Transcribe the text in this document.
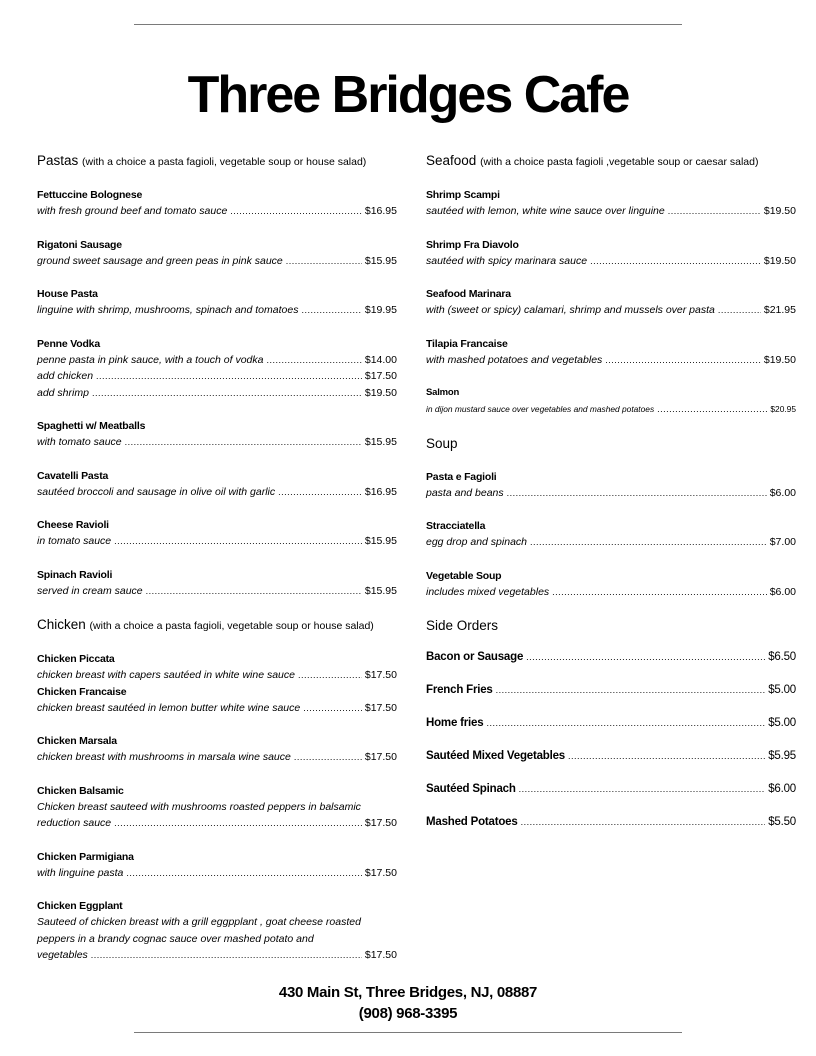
Three Bridges Cafe
Pastas (with a choice a pasta fagioli, vegetable soup or house salad)
Fettuccine Bolognese
with fresh ground beef and tomato sauce .....	$16.95
Rigatoni Sausage
ground sweet sausage and green peas in pink sauce .....	$15.95
House Pasta
linguine with shrimp, mushrooms, spinach and tomatoes .....	$19.95
Penne Vodka
penne pasta in pink sauce, with a touch of vodka .....	$14.00
add chicken .....	$17.50
add shrimp .....	$19.50
Spaghetti w/ Meatballs
with tomato sauce .....	$15.95
Cavatelli Pasta
sautéed broccoli and sausage in olive oil with garlic .....	$16.95
Cheese Ravioli
in tomato sauce .....	$15.95
Spinach Ravioli
served in cream sauce .....	$15.95
Chicken (with a choice a pasta fagioli, vegetable soup or house salad)
Chicken Piccata
chicken breast with capers sautéed in white wine sauce .....	$17.50
Chicken Francaise
chicken breast sautéed in lemon butter white wine sauce .....	$17.50
Chicken Marsala
chicken breast with mushrooms in marsala wine sauce .....	$17.50
Chicken Balsamic
Chicken breast sauteed with mushrooms roasted peppers in balsamic
reduction sauce .....	$17.50
Chicken Parmigiana
with linguine pasta .....	$17.50
Chicken Eggplant
Sauteed of chicken breast with a grill eggpplant , goat cheese roasted
peppers in a brandy cognac sauce over mashed potato and
vegetables .....	$17.50
Seafood (with a choice pasta fagioli ,vegetable soup or caesar salad)
Shrimp Scampi
sautéed with lemon, white wine sauce over linguine .....	$19.50
Shrimp Fra Diavolo
sautéed with spicy marinara sauce .....	$19.50
Seafood Marinara
with (sweet or spicy) calamari, shrimp and mussels over pasta .....	$21.95
Tilapia Francaise
with mashed potatoes and vegetables .....	$19.50
Salmon
in dijon mustard sauce over vegetables and mashed potatoes .....	$20.95
Soup
Pasta e Fagioli
pasta and beans .....	$6.00
Stracciatella
egg drop and spinach .....	$7.00
Vegetable Soup
includes mixed vegetables .....	$6.00
Side Orders
Bacon or Sausage .....	$6.50
French Fries .....	$5.00
Home fries .....	$5.00
Sautéed Mixed Vegetables .....	$5.95
Sautéed Spinach .....	$6.00
Mashed Potatoes .....	$5.50
430 Main St, Three Bridges, NJ, 08887
(908) 968-3395
